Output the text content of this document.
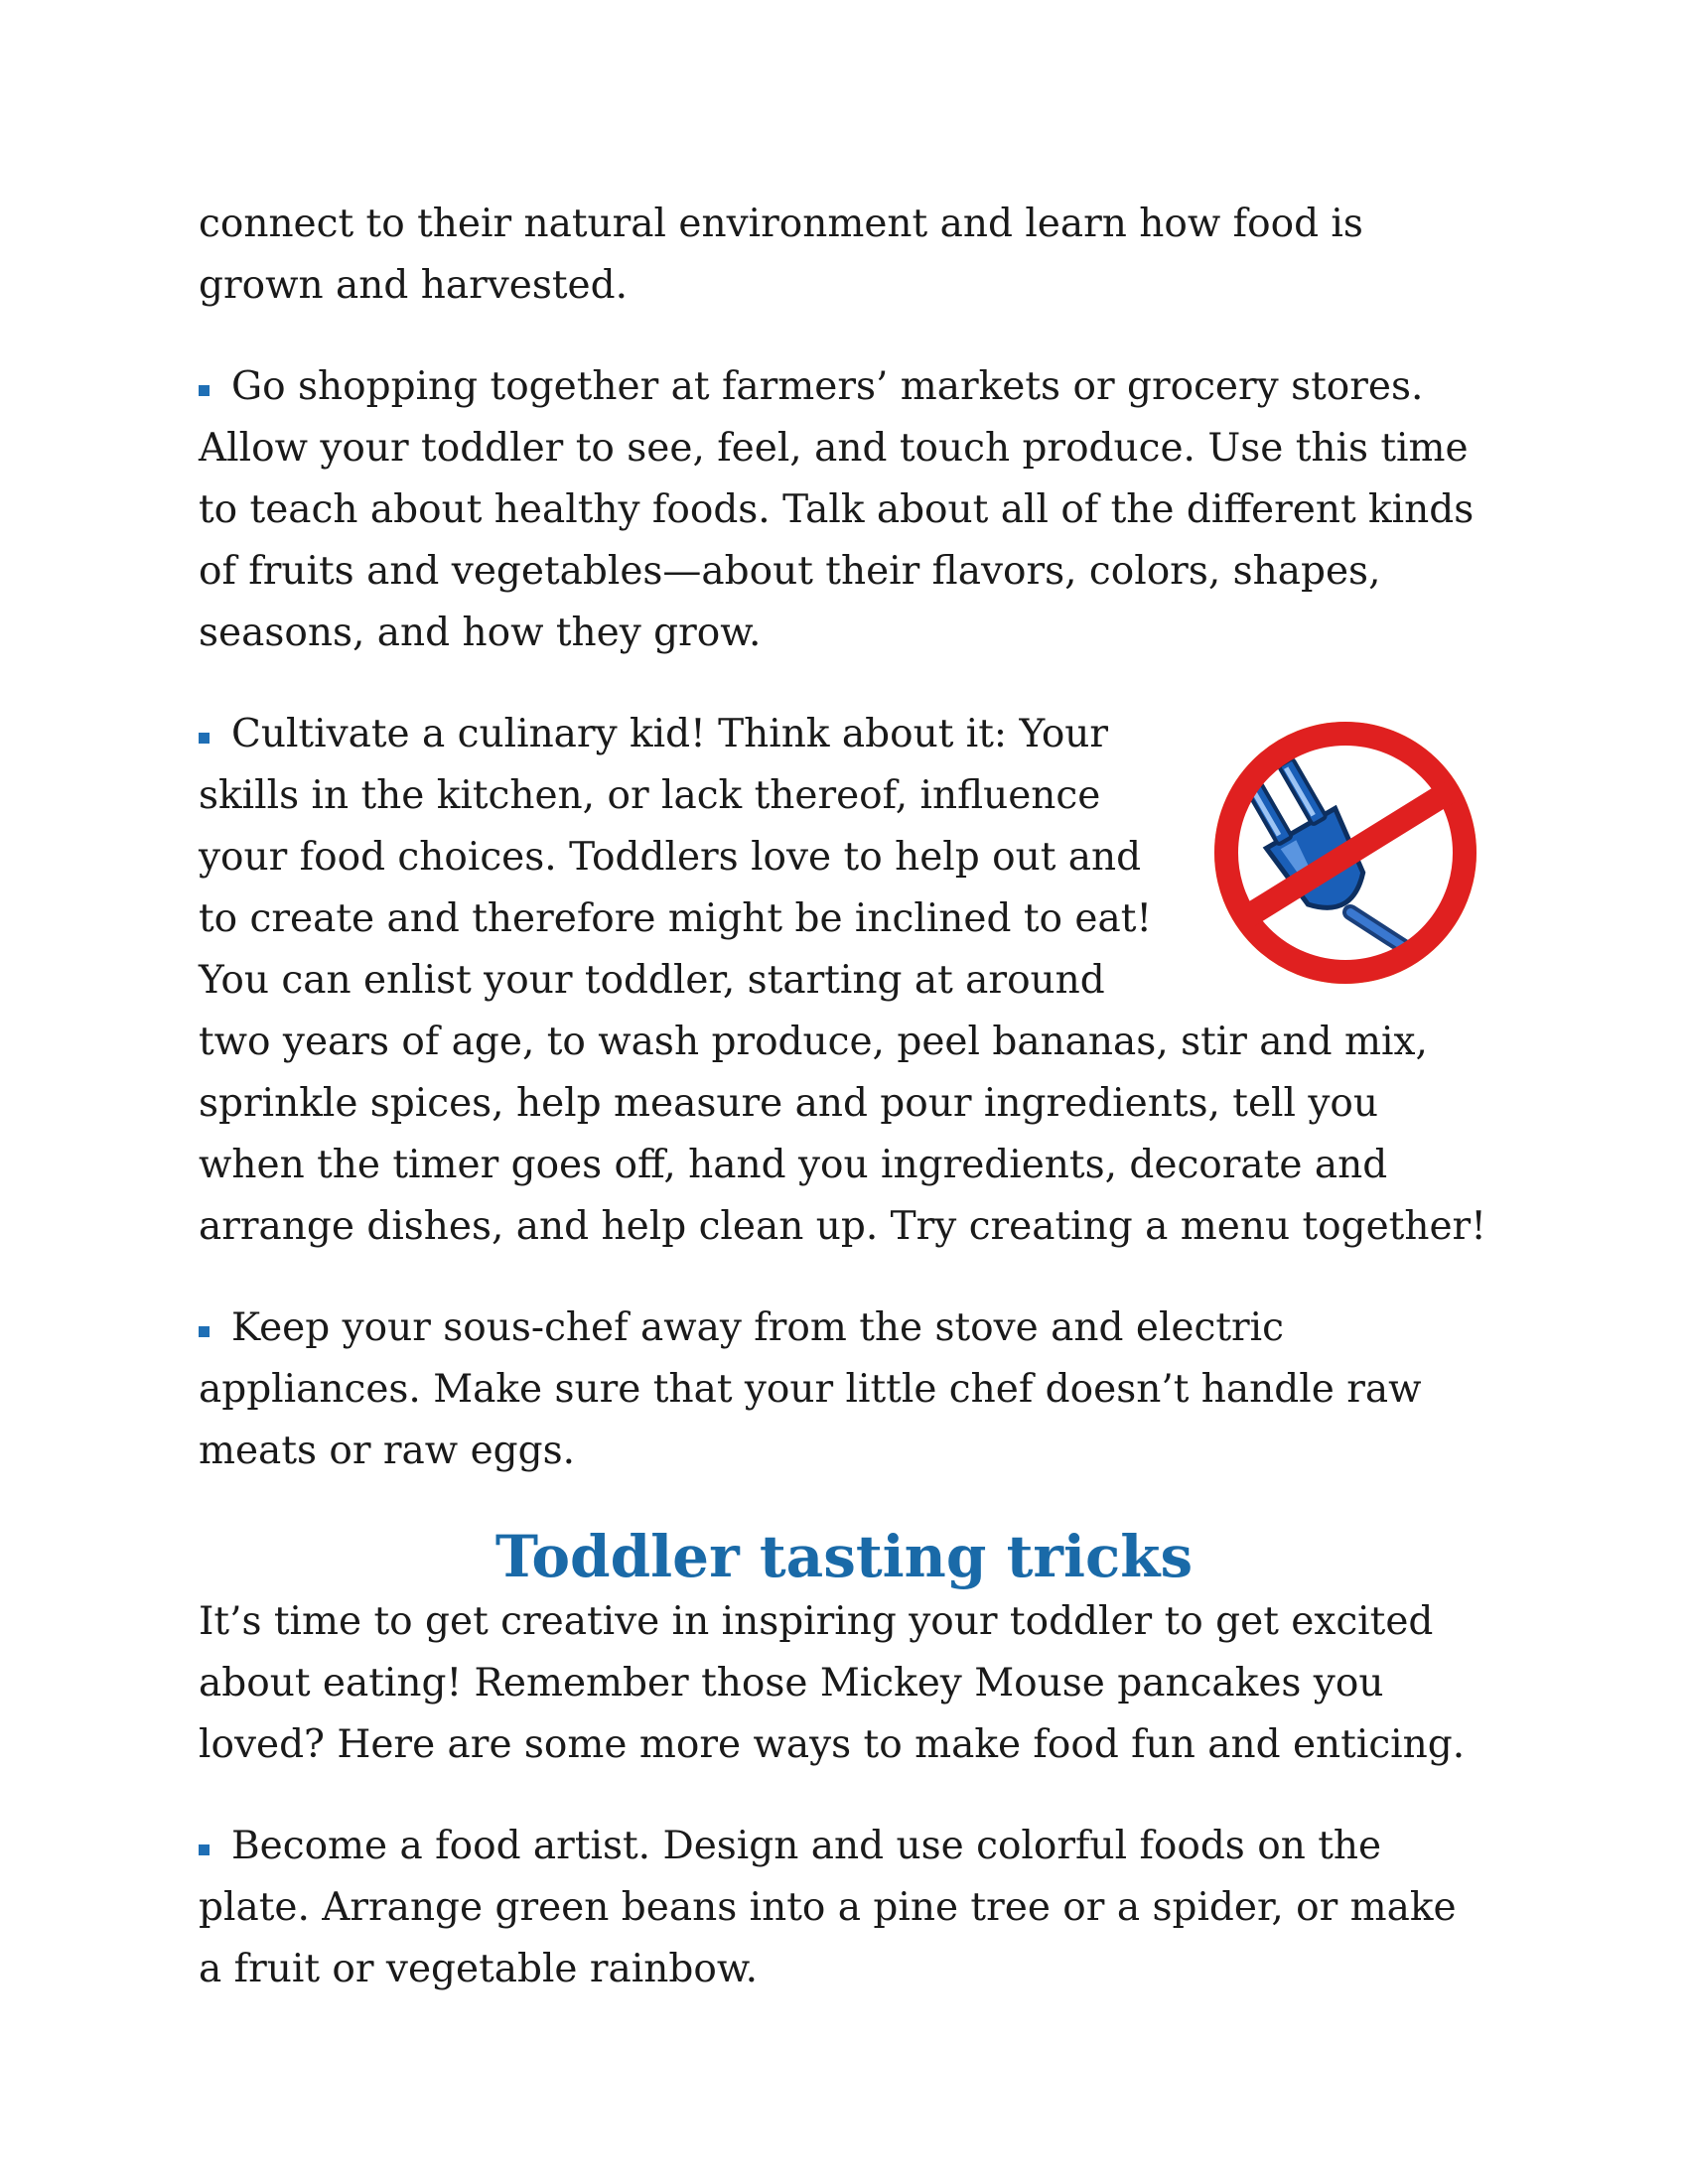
connect to their natural environment and learn how food is grown and harvested.

Go shopping together at farmers’ markets or grocery stores. Allow your toddler to see, feel, and touch produce. Use this time to teach about healthy foods. Talk about all of the different kinds of fruits and vegetables—about their flavors, colors, shapes, seasons, and how they grow.

Cultivate a culinary kid! Think about it: Your skills in the kitchen, or lack thereof, influence your food choices. Toddlers love to help out and to create and therefore might be inclined to eat! You can enlist your toddler, starting at around two years of age, to wash produce, peel bananas, stir and mix, sprinkle spices, help measure and pour ingredients, tell you when the timer goes off, hand you ingredients, decorate and arrange dishes, and help clean up. Try creating a menu together!

Keep your sous-chef away from the stove and electric appliances. Make sure that your little chef doesn’t handle raw meats or raw eggs.

Toddler tasting tricks

It’s time to get creative in inspiring your toddler to get excited about eating! Remember those Mickey Mouse pancakes you loved? Here are some more ways to make food fun and enticing.

Become a food artist. Design and use colorful foods on the plate. Arrange green beans into a pine tree or a spider, or make a fruit or vegetable rainbow.
